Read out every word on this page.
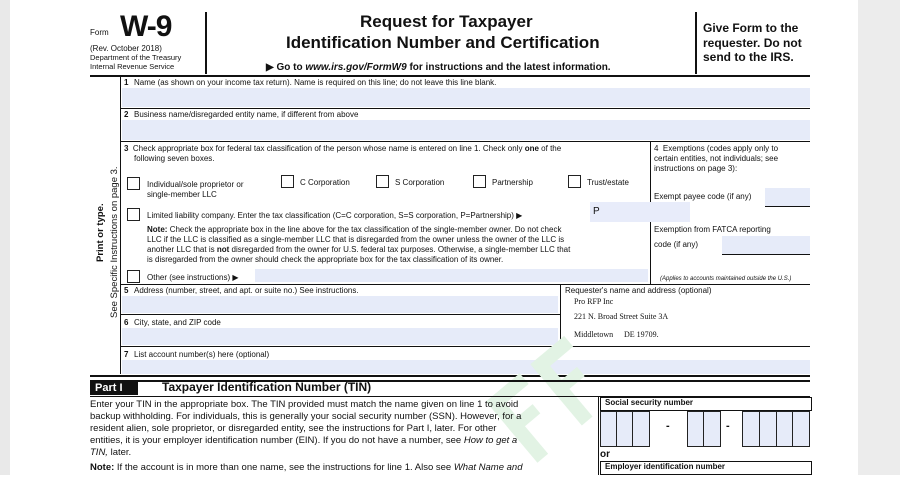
Form W-9
(Rev. October 2018)
Department of the Treasury
Internal Revenue Service
Request for Taxpayer
Identification Number and Certification
▶ Go to www.irs.gov/FormW9 for instructions and the latest information.
Give Form to the
requester. Do not
send to the IRS.
Print or type. See Specific Instructions on page 3.
1 Name (as shown on your income tax return). Name is required on this line; do not leave this line blank.
2 Business name/disregarded entity name, if different from above
3 Check appropriate box for federal tax classification of the person whose name is entered on line 1. Check only one of the
following seven boxes.
Individual/sole proprietor or
single-member LLC
C Corporation	S Corporation	Partnership	Trust/estate
Limited liability company. Enter the tax classification (C=C corporation, S=S corporation, P=Partnership) ▶	P
Note: Check the appropriate box in the line above for the tax classification of the single-member owner. Do not check
LLC if the LLC is classified as a single-member LLC that is disregarded from the owner unless the owner of the LLC is
another LLC that is not disregarded from the owner for U.S. federal tax purposes. Otherwise, a single-member LLC that
is disregarded from the owner should check the appropriate box for the tax classification of its owner.
Other (see instructions) ▶
4 Exemptions (codes apply only to
certain entities, not individuals; see
instructions on page 3):
Exempt payee code (if any)
Exemption from FATCA reporting
code (if any)
(Applies to accounts maintained outside the U.S.)
5 Address (number, street, and apt. or suite no.) See instructions.
6 City, state, and ZIP code
Requester's name and address (optional)
Pro RFP Inc
221 N. Broad Street Suite 3A
Middletown DE 19709.
7 List account number(s) here (optional)
Part I	Taxpayer Identification Number (TIN)
Enter your TIN in the appropriate box. The TIN provided must match the name given on line 1 to avoid
backup withholding. For individuals, this is generally your social security number (SSN). However, for a
resident alien, sole proprietor, or disregarded entity, see the instructions for Part I, later. For other
entities, it is your employer identification number (EIN). If you do not have a number, see How to get a
TIN, later.
Note: If the account is in more than one name, see the instructions for line 1. Also see What Name and
Social security number
-	-
or
Employer identification number
